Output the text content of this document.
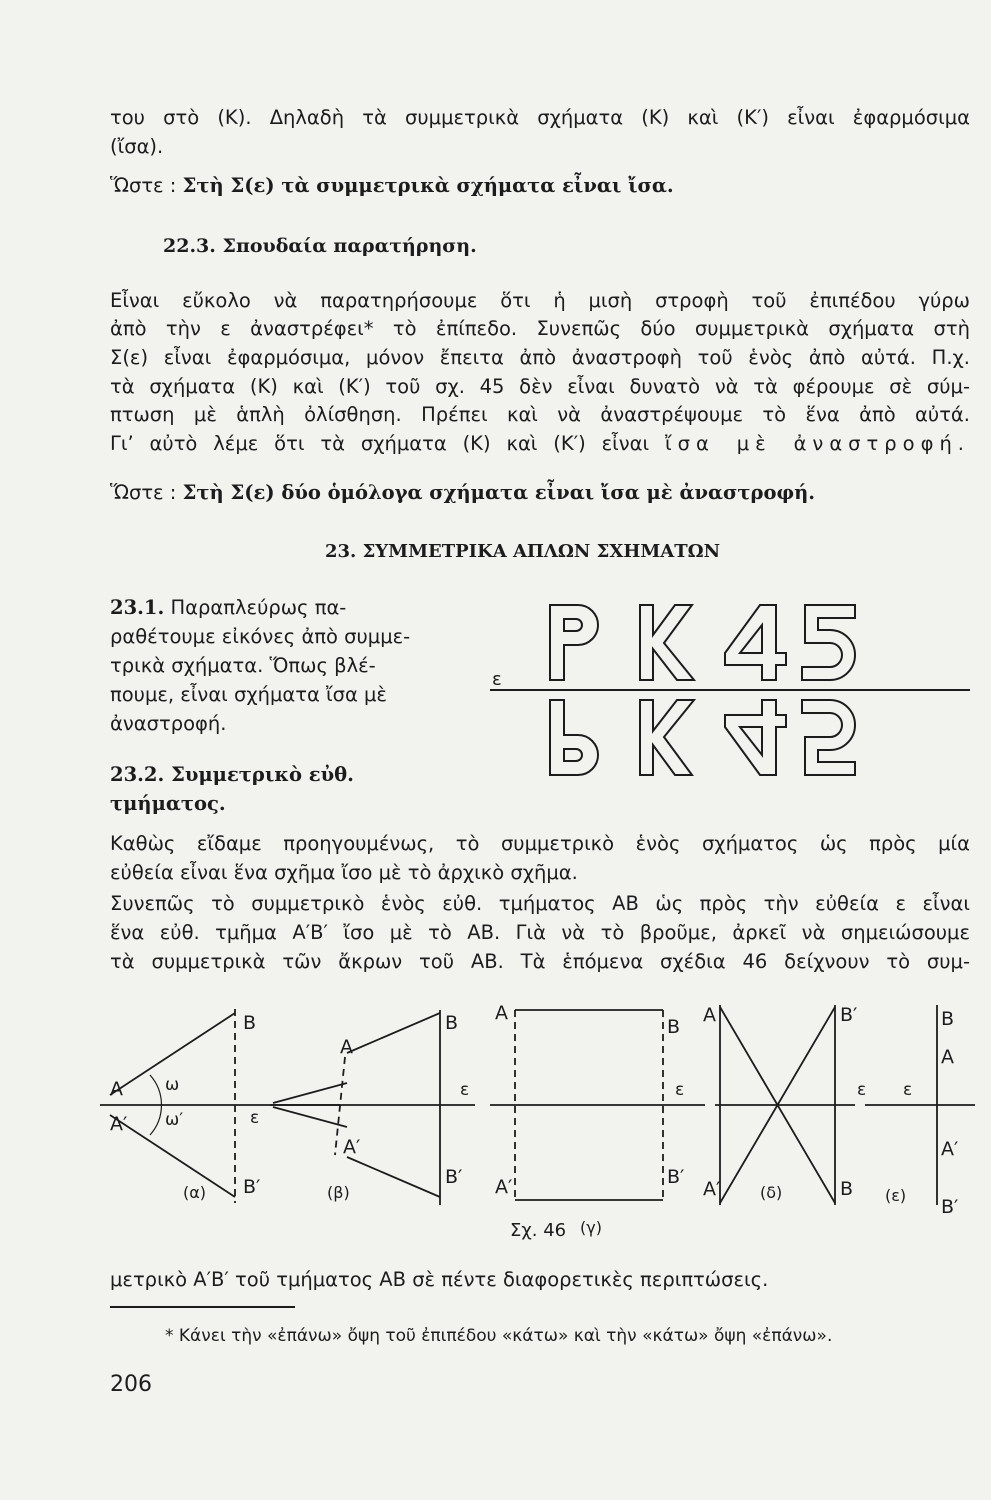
του στὸ (Κ). Δηλαδὴ τὰ συμμετρικὰ σχήματα (Κ) καὶ (Κ′) εἶναι ἐφαρμόσιμα

(ἴσα).

Ὥστε : Στὴ Σ(ε) τὰ συμμετρικὰ σχήματα εἶναι ἴσα.

22.3. Σπουδαία παρατήρηση.

Εἶναι εὔκολο νὰ παρατηρήσουμε ὅτι ἡ μισὴ στροφὴ τοῦ ἐπιπέδου γύρω

ἀπὸ τὴν ε ἀναστρέφει* τὸ ἐπίπεδο. Συνεπῶς δύο συμμετρικὰ σχήματα στὴ

Σ(ε) εἶναι ἐφαρμόσιμα, μόνον ἔπειτα ἀπὸ ἀναστροφὴ τοῦ ἑνὸς ἀπὸ αὐτά. Π.χ.

τὰ σχήματα (Κ) καὶ (Κ′) τοῦ σχ. 45 δὲν εἶναι δυνατὸ νὰ τὰ φέρουμε σὲ σύμ-

πτωση μὲ ἁπλὴ ὀλίσθηση. Πρέπει καὶ νὰ ἀναστρέψουμε τὸ ἕνα ἀπὸ αὐτά.

Γι’ αὐτὸ λέμε ὅτι τὰ σχήματα (Κ) καὶ (Κ′) εἶναι ἴσα μὲ ἀναστροφή.

Ὥστε : Στὴ Σ(ε) δύο ὁμόλογα σχήματα εἶναι ἴσα μὲ ἀναστροφή.

23. ΣΥΜΜΕΤΡΙΚΑ ΑΠΛΩΝ ΣΧΗΜΑΤΩΝ
23.1. Παραπλεύρως πα-
ραθέτουμε εἰκόνες ἀπὸ συμμε-
τρικὰ σχήματα. Ὅπως βλέ-
πουμε, εἶναι σχήματα ἴσα μὲ
ἀναστροφή.
23.2. Συμμετρικὸ εὐθ.
τμήματος.
ε

Καθὼς εἴδαμε προηγουμένως, τὸ συμμετρικὸ ἑνὸς σχήματος ὡς πρὸς μία

εὐθεία εἶναι ἕνα σχῆμα ἴσο μὲ τὸ ἀρχικὸ σχῆμα.

Συνεπῶς τὸ συμμετρικὸ ἑνὸς εὐθ. τμήματος ΑΒ ὡς πρὸς τὴν εὐθεία ε εἶναι

ἕνα εὐθ. τμῆμα Α′Β′ ἴσο μὲ τὸ ΑΒ. Γιὰ νὰ τὸ βροῦμε, ἀρκεῖ νὰ σημειώσουμε

τὰ συμμετρικὰ τῶν ἄκρων τοῦ ΑΒ. Τὰ ἑπόμενα σχέδια 46 δείχνουν τὸ συμ-

Β
Α
Α′
ω
ω′	ε
Β′
(α)
Β
Α
ε
Α′
Β′
(β)
Α
Β
ε
Α′	Β′
(γ)
Α	Β′
ε
Β
Α′ (δ)
Β
Α
ε
Α′
Β′
(ε)
Σχ. 46

μετρικὸ Α′Β′ τοῦ τμήματος ΑΒ σὲ πέντε διαφορετικὲς περιπτώσεις.

* Κάνει τὴν «ἐπάνω» ὄψη τοῦ ἐπιπέδου «κάτω» καὶ τὴν «κάτω» ὄψη «ἐπάνω».

206
